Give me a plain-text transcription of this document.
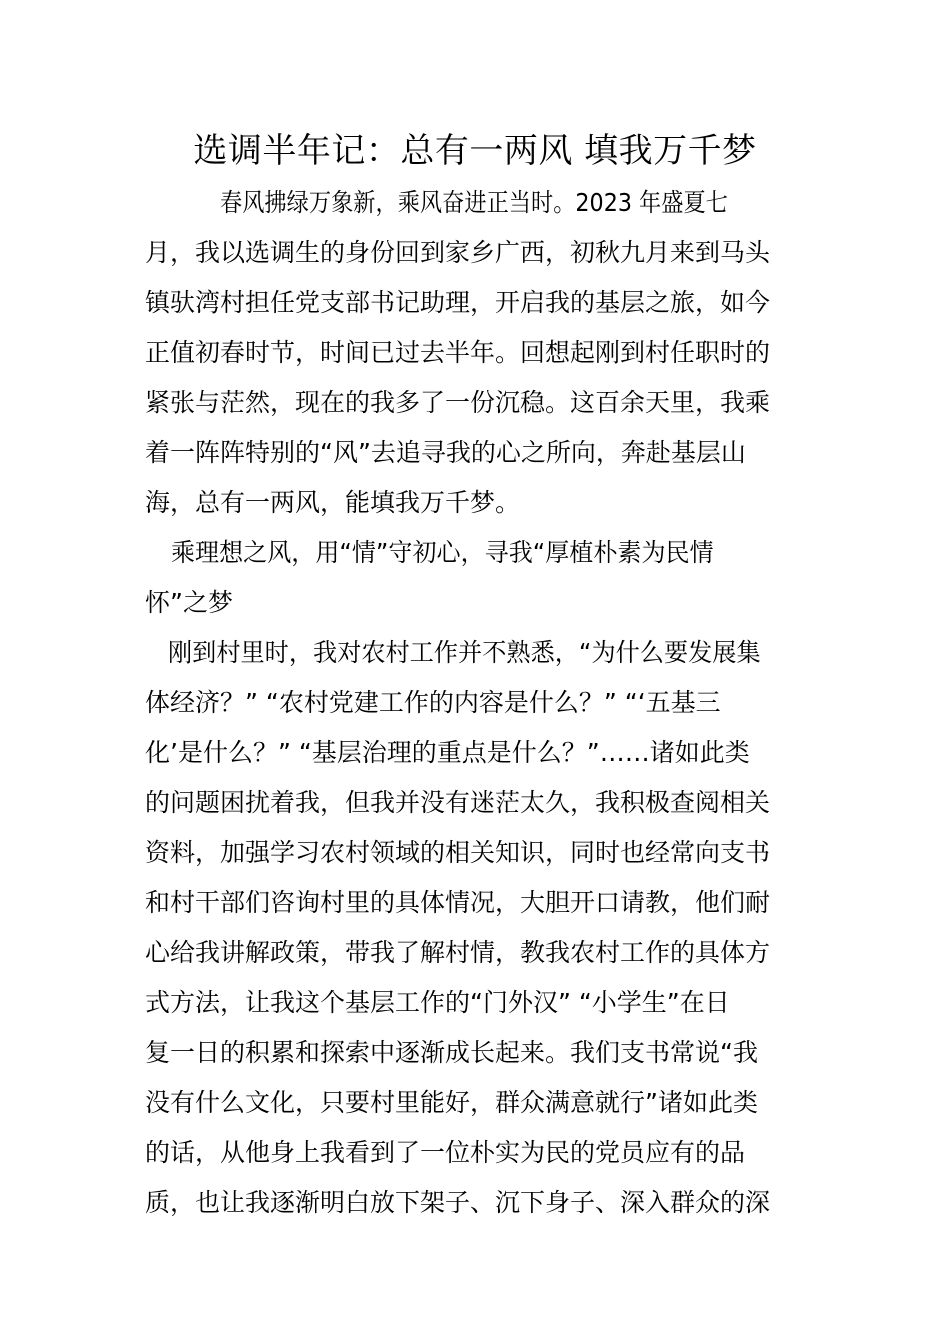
选调半年记：总有一两风 填我万千梦
春风拂绿万象新，乘风奋进正当时。2023 年盛夏七
月，我以选调生的身份回到家乡广西，初秋九月来到马头
镇驮湾村担任党支部书记助理，开启我的基层之旅，如今
正值初春时节，时间已过去半年。回想起刚到村任职时的
紧张与茫然，现在的我多了一份沉稳。这百余天里，我乘
着一阵阵特别的“风”去追寻我的心之所向，奔赴基层山
海，总有一两风，能填我万千梦。
乘理想之风，用“情”守初心，寻我“厚植朴素为民情
怀”之梦
刚到村里时，我对农村工作并不熟悉，“为什么要发展集
体经济？” “农村党建工作的内容是什么？” “‘五基三
化’是什么？” “基层治理的重点是什么？”……诸如此类
的问题困扰着我，但我并没有迷茫太久，我积极查阅相关
资料，加强学习农村领域的相关知识，同时也经常向支书
和村干部们咨询村里的具体情况，大胆开口请教，他们耐
心给我讲解政策，带我了解村情，教我农村工作的具体方
式方法，让我这个基层工作的“门外汉” “小学生”在日
复一日的积累和探索中逐渐成长起来。我们支书常说“我
没有什么文化，只要村里能好，群众满意就行”诸如此类
的话，从他身上我看到了一位朴实为民的党员应有的品
质，也让我逐渐明白放下架子、沉下身子、深入群众的深
